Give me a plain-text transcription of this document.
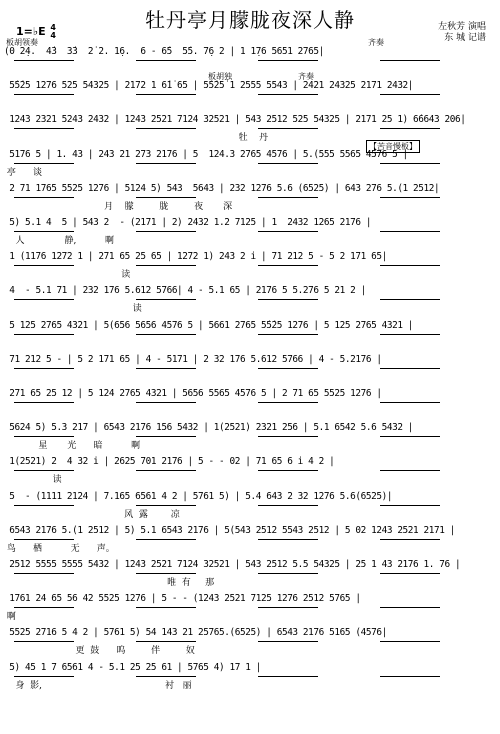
牡丹亭月朦胧夜深人静
1=♭E 4
4
左秋芳 演唱
东 城 记谱
(0 2̣4.  4̇3  3̇3  2̇ 2. 1̣6.  6 - 6̇5  5̇5. 7̣6 2 | 1 1̣76 5651 2765|
5̇5̇25 1276 525 54325 | 2172 1 6̇1̇ 65 | 5̇5̇25̇ 1 2555 5543 | 2421 24325 2171 2432|
1243 2321 5243 2432 | 1243 2521 7124 32521 | 543 2512 525 54325 | 2171 25 1) 6̇6643 206|
牡    丹
5176 5 | 1. 43 | 243 21 273 2176 | 5  124.3 2765 4576 | 5.(555 5565 4576 5 |
亭      谈
2 71 1765 5525 1276 | 5124 5) 543  5643 | 232 1276 5.6 (6525) | 643 276 5.(1 2512|
月    朦         胧         夜       深
5) 5.1 4  5 | 543 2  - (2171 | 2) 2432 1.2 7125 | 1  2432 1265 2176 |
人              静,          啊
1 (1176 1272 1 | 271 65 25 65 | 1272 1) 243 2 i | 71 212 5 - 5 2 171 65|
读
4  - 5.1 71 | 232 176 5.612 5766| 4 - 5.1 65 | 2176 5 5.276 5 21 2 |
读
5 125 2765 4321 | 5(656 5656 4576 5 | 5661 2765 5̇5̇25 1276 | 5 125 2765 4321 |
71 212 5 - | 5 2 171 65 | 4 - 5171 | 2 32 176 5.612 5766 | 4 - 5.2176 |
271 65 25 12 | 5 124 2765 4321 | 5656 5565 4576 5 | 2 71 65 5525 1276 |
5624 5) 5.3 217 | 6543 2176 156 5432 | 1(2521) 2321 256 | 5.1 6542 5.6 5432 |
星       光      暗          啊
1(2521) 2  4 32 i | 2625 701 2176 | 5 - - 02 | 71 65 6 i 4 2 |
读
5  - (1111 2124 | 7.165 6561 4 2 | 5761 5) | 5.4 643 2 32 1276 5.6(6525)|
风  露        凉
6543 2176 5.(1 2512 | 5) 5.1 6543 2176 | 5(543 2512 5543 2512 | 5 02 1243 2521 2171 |
鸟      栖          无      声。
2512 5555 5555 5432 | 1243 2521 7124 32521 | 543 2512 5.5 54325 | 25 1 43 2176 1. 76 |
唯  有     那
1761 24 65 56 42 5525 1276 | 5 - - (1243 2521 7125 1276 2512 5765 |
啊
5525 2716 5 4 2 | 5761 5) 54 143 21 25765.(6525) | 6543 2176 5165 (4576|
更  鼓      呜         伴         奴
5) 45 1 7 6561 4 - 5.1 25 25 61 | 5765 4) 17 1 |
身  影,                                           衬   丽
板胡领奏	齐奏
板胡独	齐奏
【苦音慢板】
